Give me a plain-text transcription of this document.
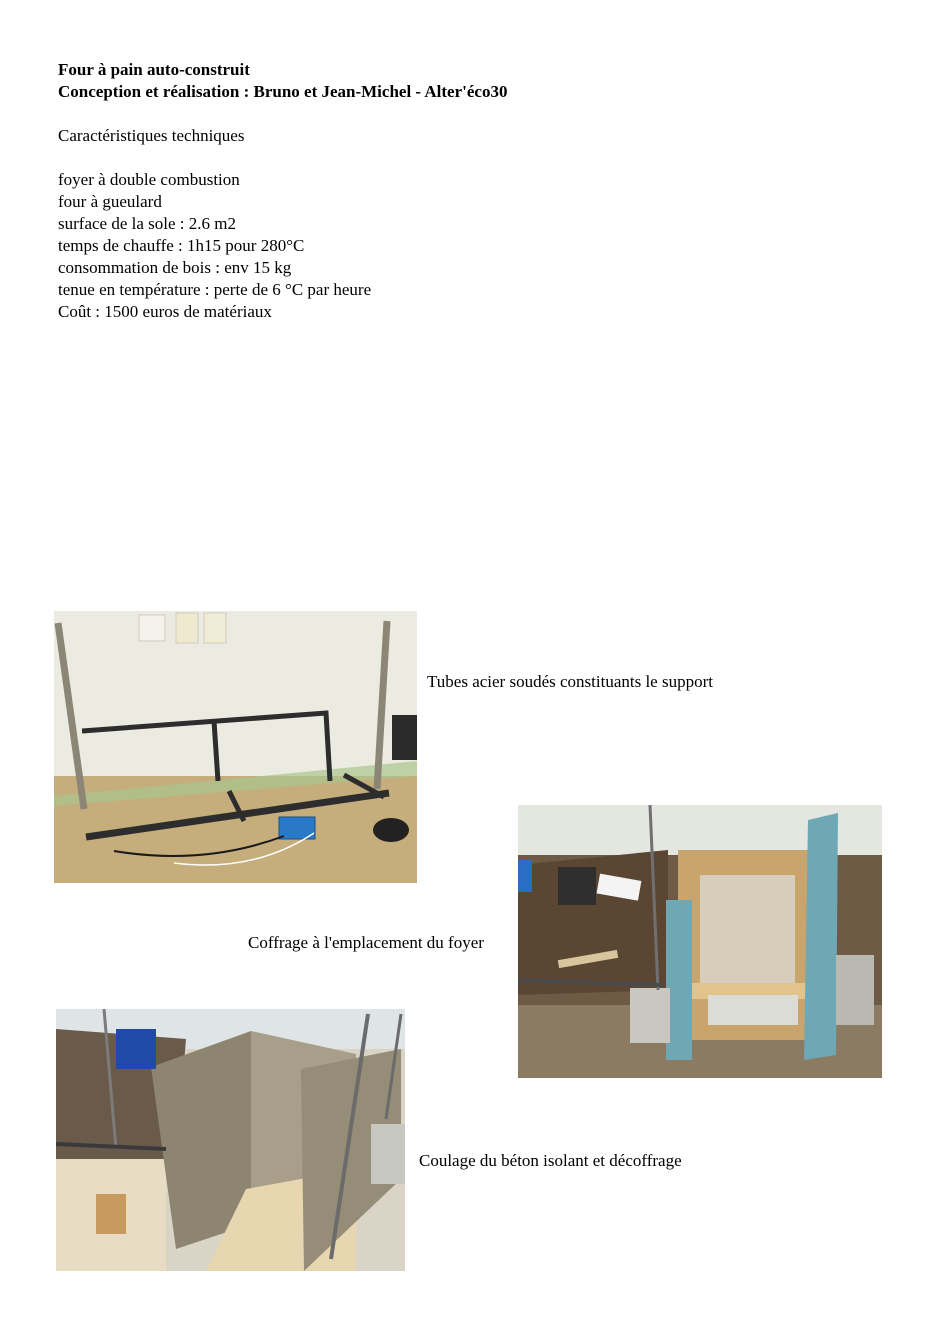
Four à pain auto-construit
Conception et réalisation : Bruno et Jean-Michel - Alter'éco30
Caractéristiques techniques
foyer à double combustion
four à gueulard
surface de la sole : 2.6 m2
temps de chauffe : 1h15 pour 280°C
consommation de bois : env 15 kg
tenue en température : perte de 6 °C par heure
Coût : 1500 euros de matériaux
Tubes acier soudés constituants le support
Coffrage à l'emplacement du foyer
Coulage du béton isolant et décoffrage
